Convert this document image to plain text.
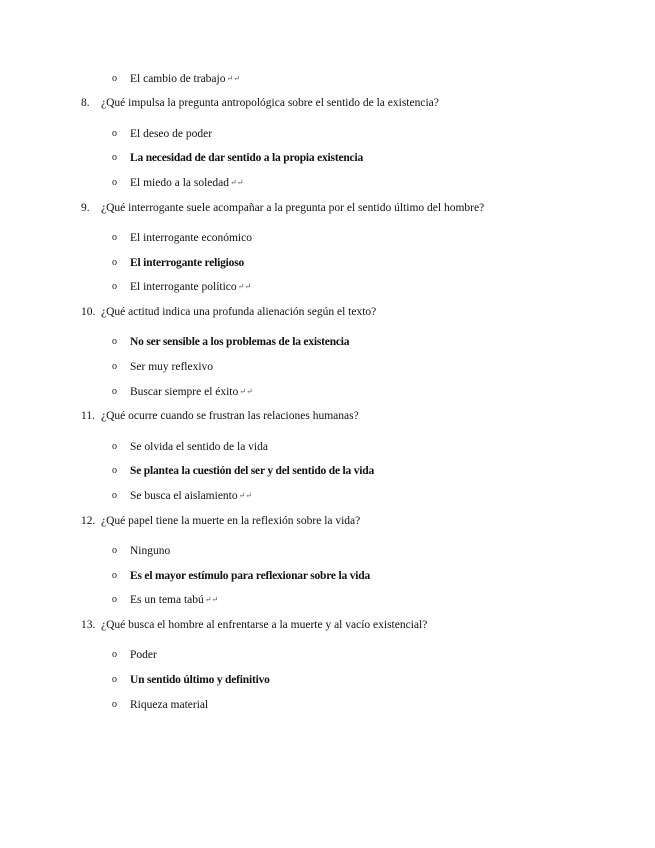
o El cambio de trabajo↵↵
8. ¿Qué impulsa la pregunta antropológica sobre el sentido de la existencia?
o El deseo de poder
o La necesidad de dar sentido a la propia existencia
o El miedo a la soledad↵↵
9. ¿Qué interrogante suele acompañar a la pregunta por el sentido último del hombre?
o El interrogante económico
o El interrogante religioso
o El interrogante político↵↵
10. ¿Qué actitud indica una profunda alienación según el texto?
o No ser sensible a los problemas de la existencia
o Ser muy reflexivo
o Buscar siempre el éxito↵↵
11. ¿Qué ocurre cuando se frustran las relaciones humanas?
o Se olvida el sentido de la vida
o Se plantea la cuestión del ser y del sentido de la vida
o Se busca el aislamiento↵↵
12. ¿Qué papel tiene la muerte en la reflexión sobre la vida?
o Ninguno
o Es el mayor estímulo para reflexionar sobre la vida
o Es un tema tabú↵↵
13. ¿Qué busca el hombre al enfrentarse a la muerte y al vacío existencial?
o Poder
o Un sentido último y definitivo
o Riqueza material
